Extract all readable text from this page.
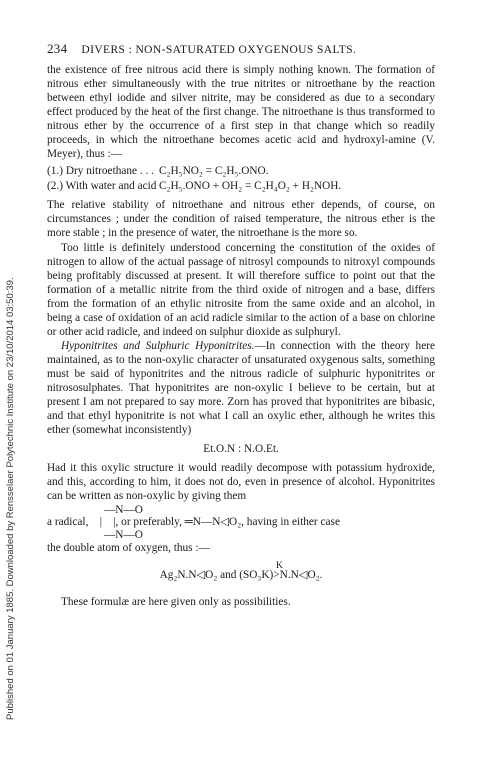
Published on 01 January 1885. Downloaded by Rensselaer Polytechnic Institute on 23/10/2014 03:50:39.
234 DIVERS : NON-SATURATED OXYGENOUS SALTS.

the existence of free nitrous acid there is simply nothing known. The formation of nitrous ether simultaneously with the true nitrites or nitroethane by the reaction between ethyl iodide and silver nitrite, may be considered as due to a secondary effect produced by the heat of the first change. The nitroethane is thus transformed to nitrous ether by the occurrence of a first step in that change which so readily proceeds, in which the nitroethane becomes acetic acid and hydroxyl-amine (V. Meyer), thus :—

(1.) Dry nitroethane . . . C₂H₅NO₂ = C₂H₅.ONO.
(2.) With water and acid C₂H₅.ONO + OH₂ = C₂H₄O₂ + H₂NOH.

The relative stability of nitroethane and nitrous ether depends, of course, on circumstances ; under the condition of raised temperature, the nitrous ether is the more stable ; in the presence of water, the nitroethane is the more so.

Too little is definitely understood concerning the constitution of the oxides of nitrogen to allow of the actual passage of nitrosyl compounds to nitroxyl compounds being profitably discussed at present. It will therefore suffice to point out that the formation of a metallic nitrite from the third oxide of nitrogen and a base, differs from the formation of an ethylic nitrosite from the same oxide and an alcohol, in being a case of oxidation of an acid radicle similar to the action of a base on chlorine or other acid radicle, and indeed on sulphur dioxide as sulphuryl.

Hyponitrites and Sulphuric Hyponitrites.—In connection with the theory here maintained, as to the non-oxylic character of unsaturated oxygenous salts, something must be said of hyponitrites and the nitrous radicle of sulphuric hyponitrites or nitrososulphates. That hyponitrites are non-oxylic I believe to be certain, but at present I am not prepared to say more. Zorn has proved that hyponitrites are bibasic, and that ethyl hyponitrite is not what I call an oxylic ether, although he writes this ether (somewhat inconsistently)

Et.O.N : N.O.Et.

Had it this oxylic structure it would readily decompose with potassium hydroxide, and this, according to him, it does not do, even in presence of alcohol. Hyponitrites can be written as non-oxylic by giving them

—N—O
a radical, |    |, or preferably, ═N—N◁O₂, having in either case
—N—O

the double atom of oxygen, thus :—

K
Ag₂N.N◁O₂ and (SO₃K)>N.N◁O₂.

These formulæ are here given only as possibilities.
